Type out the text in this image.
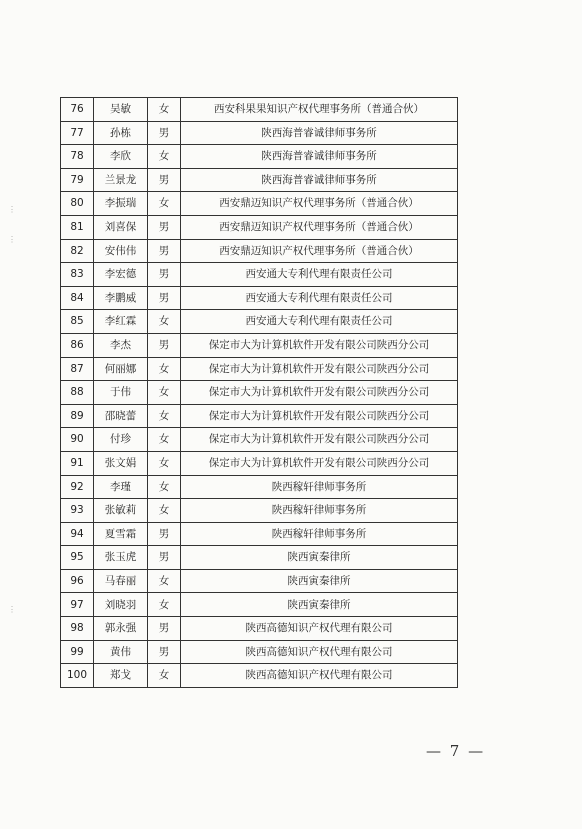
76	吴敏	女	西安科果果知识产权代理事务所（普通合伙）
77	孙栋	男	陕西海普睿诚律师事务所
78	李欣	女	陕西海普睿诚律师事务所
79	兰景龙	男	陕西海普睿诚律师事务所
80	李振瑞	女	西安鼎迈知识产权代理事务所（普通合伙）
81	刘喜保	男	西安鼎迈知识产权代理事务所（普通合伙）
82	安伟伟	男	西安鼎迈知识产权代理事务所（普通合伙）
83	李宏德	男	西安通大专利代理有限责任公司
84	李鹏威	男	西安通大专利代理有限责任公司
85	李红霖	女	西安通大专利代理有限责任公司
86	李杰	男	保定市大为计算机软件开发有限公司陕西分公司
87	何丽娜	女	保定市大为计算机软件开发有限公司陕西分公司
88	于伟	女	保定市大为计算机软件开发有限公司陕西分公司
89	邵晓蕾	女	保定市大为计算机软件开发有限公司陕西分公司
90	付珍	女	保定市大为计算机软件开发有限公司陕西分公司
91	张文娟	女	保定市大为计算机软件开发有限公司陕西分公司
92	李瑾	女	陕西稼轩律师事务所
93	张敏莉	女	陕西稼轩律师事务所
94	夏雪霜	男	陕西稼轩律师事务所
95	张玉虎	男	陕西寅秦律所
96	马春丽	女	陕西寅秦律所
97	刘晓羽	女	陕西寅秦律所
98	郭永强	男	陕西高德知识产权代理有限公司
99	黄伟	男	陕西高德知识产权代理有限公司
100	郑戈	女	陕西高德知识产权代理有限公司
⋮
⋮
⋮
— 7 —
